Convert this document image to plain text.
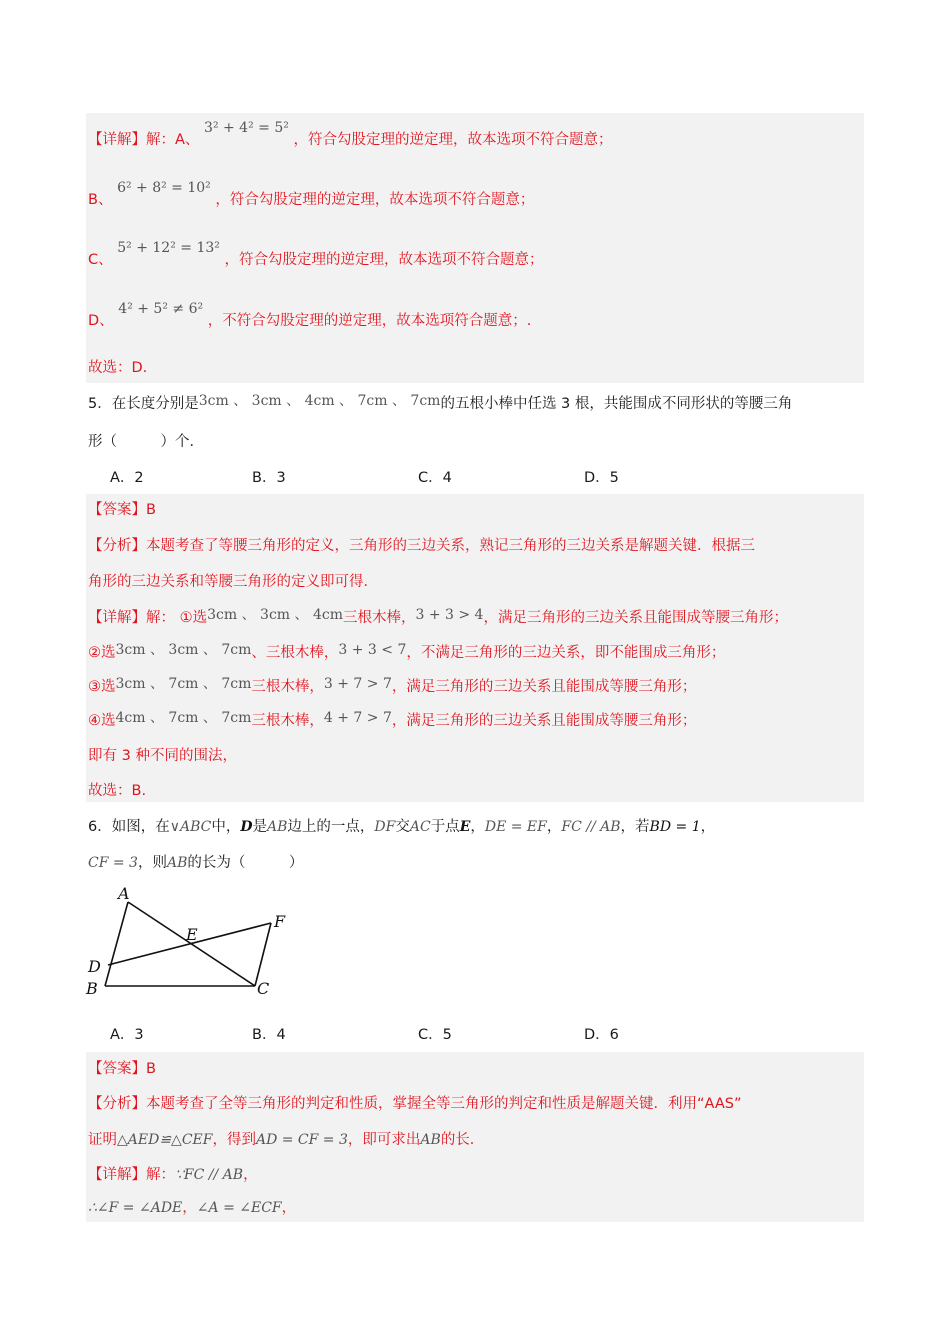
【详解】解：A、 3² + 4² = 5² ，符合勾股定理的逆定理，故本选项不符合题意；
B、 6² + 8² = 10² ，符合勾股定理的逆定理，故本选项不符合题意；
C、 5² + 12² = 13² ，符合勾股定理的逆定理，故本选项不符合题意；
D、 4² + 5² ≠ 6² ，不符合勾股定理的逆定理，故本选项符合题意；.
故选：D.
5．在长度分别是3cm 、 3cm 、 4cm 、 7cm 、 7cm的五根小棒中任选 3 根，共能围成不同形状的等腰三角
形（　　　）个．
A．2	B．3	C．4	D．5
【答案】B
【分析】本题考查了等腰三角形的定义，三角形的三边关系，熟记三角形的三边关系是解题关键．根据三
角形的三边关系和等腰三角形的定义即可得．
【详解】解： ①选3cm 、 3cm 、 4cm三根木棒，3 + 3 > 4，满足三角形的三边关系且能围成等腰三角形；
②选3cm 、 3cm 、 7cm、三根木棒，3 + 3 < 7，不满足三角形的三边关系，即不能围成三角形；
③选3cm 、 7cm 、 7cm三根木棒，3 + 7 > 7，满足三角形的三边关系且能围成等腰三角形；
④选4cm 、 7cm 、 7cm三根木棒，4 + 7 > 7，满足三角形的三边关系且能围成等腰三角形；
即有 3 种不同的围法，
故选：B.
6．如图，在∨ABC中，D是AB边上的一点，DF交AC于点E，DE = EF，FC // AB，若BD = 1，
CF = 3，则AB的长为（　　　）
A
E
F
D
B	C
A．3	B．4	C．5	D．6
【答案】B
【分析】本题考查了全等三角形的判定和性质，掌握全等三角形的判定和性质是解题关键．利用“AAS”
证明△AED≌△CEF，得到AD = CF = 3，即可求出AB的长．
【详解】解：∵FC // AB，
∴∠F = ∠ADE，∠A = ∠ECF，
